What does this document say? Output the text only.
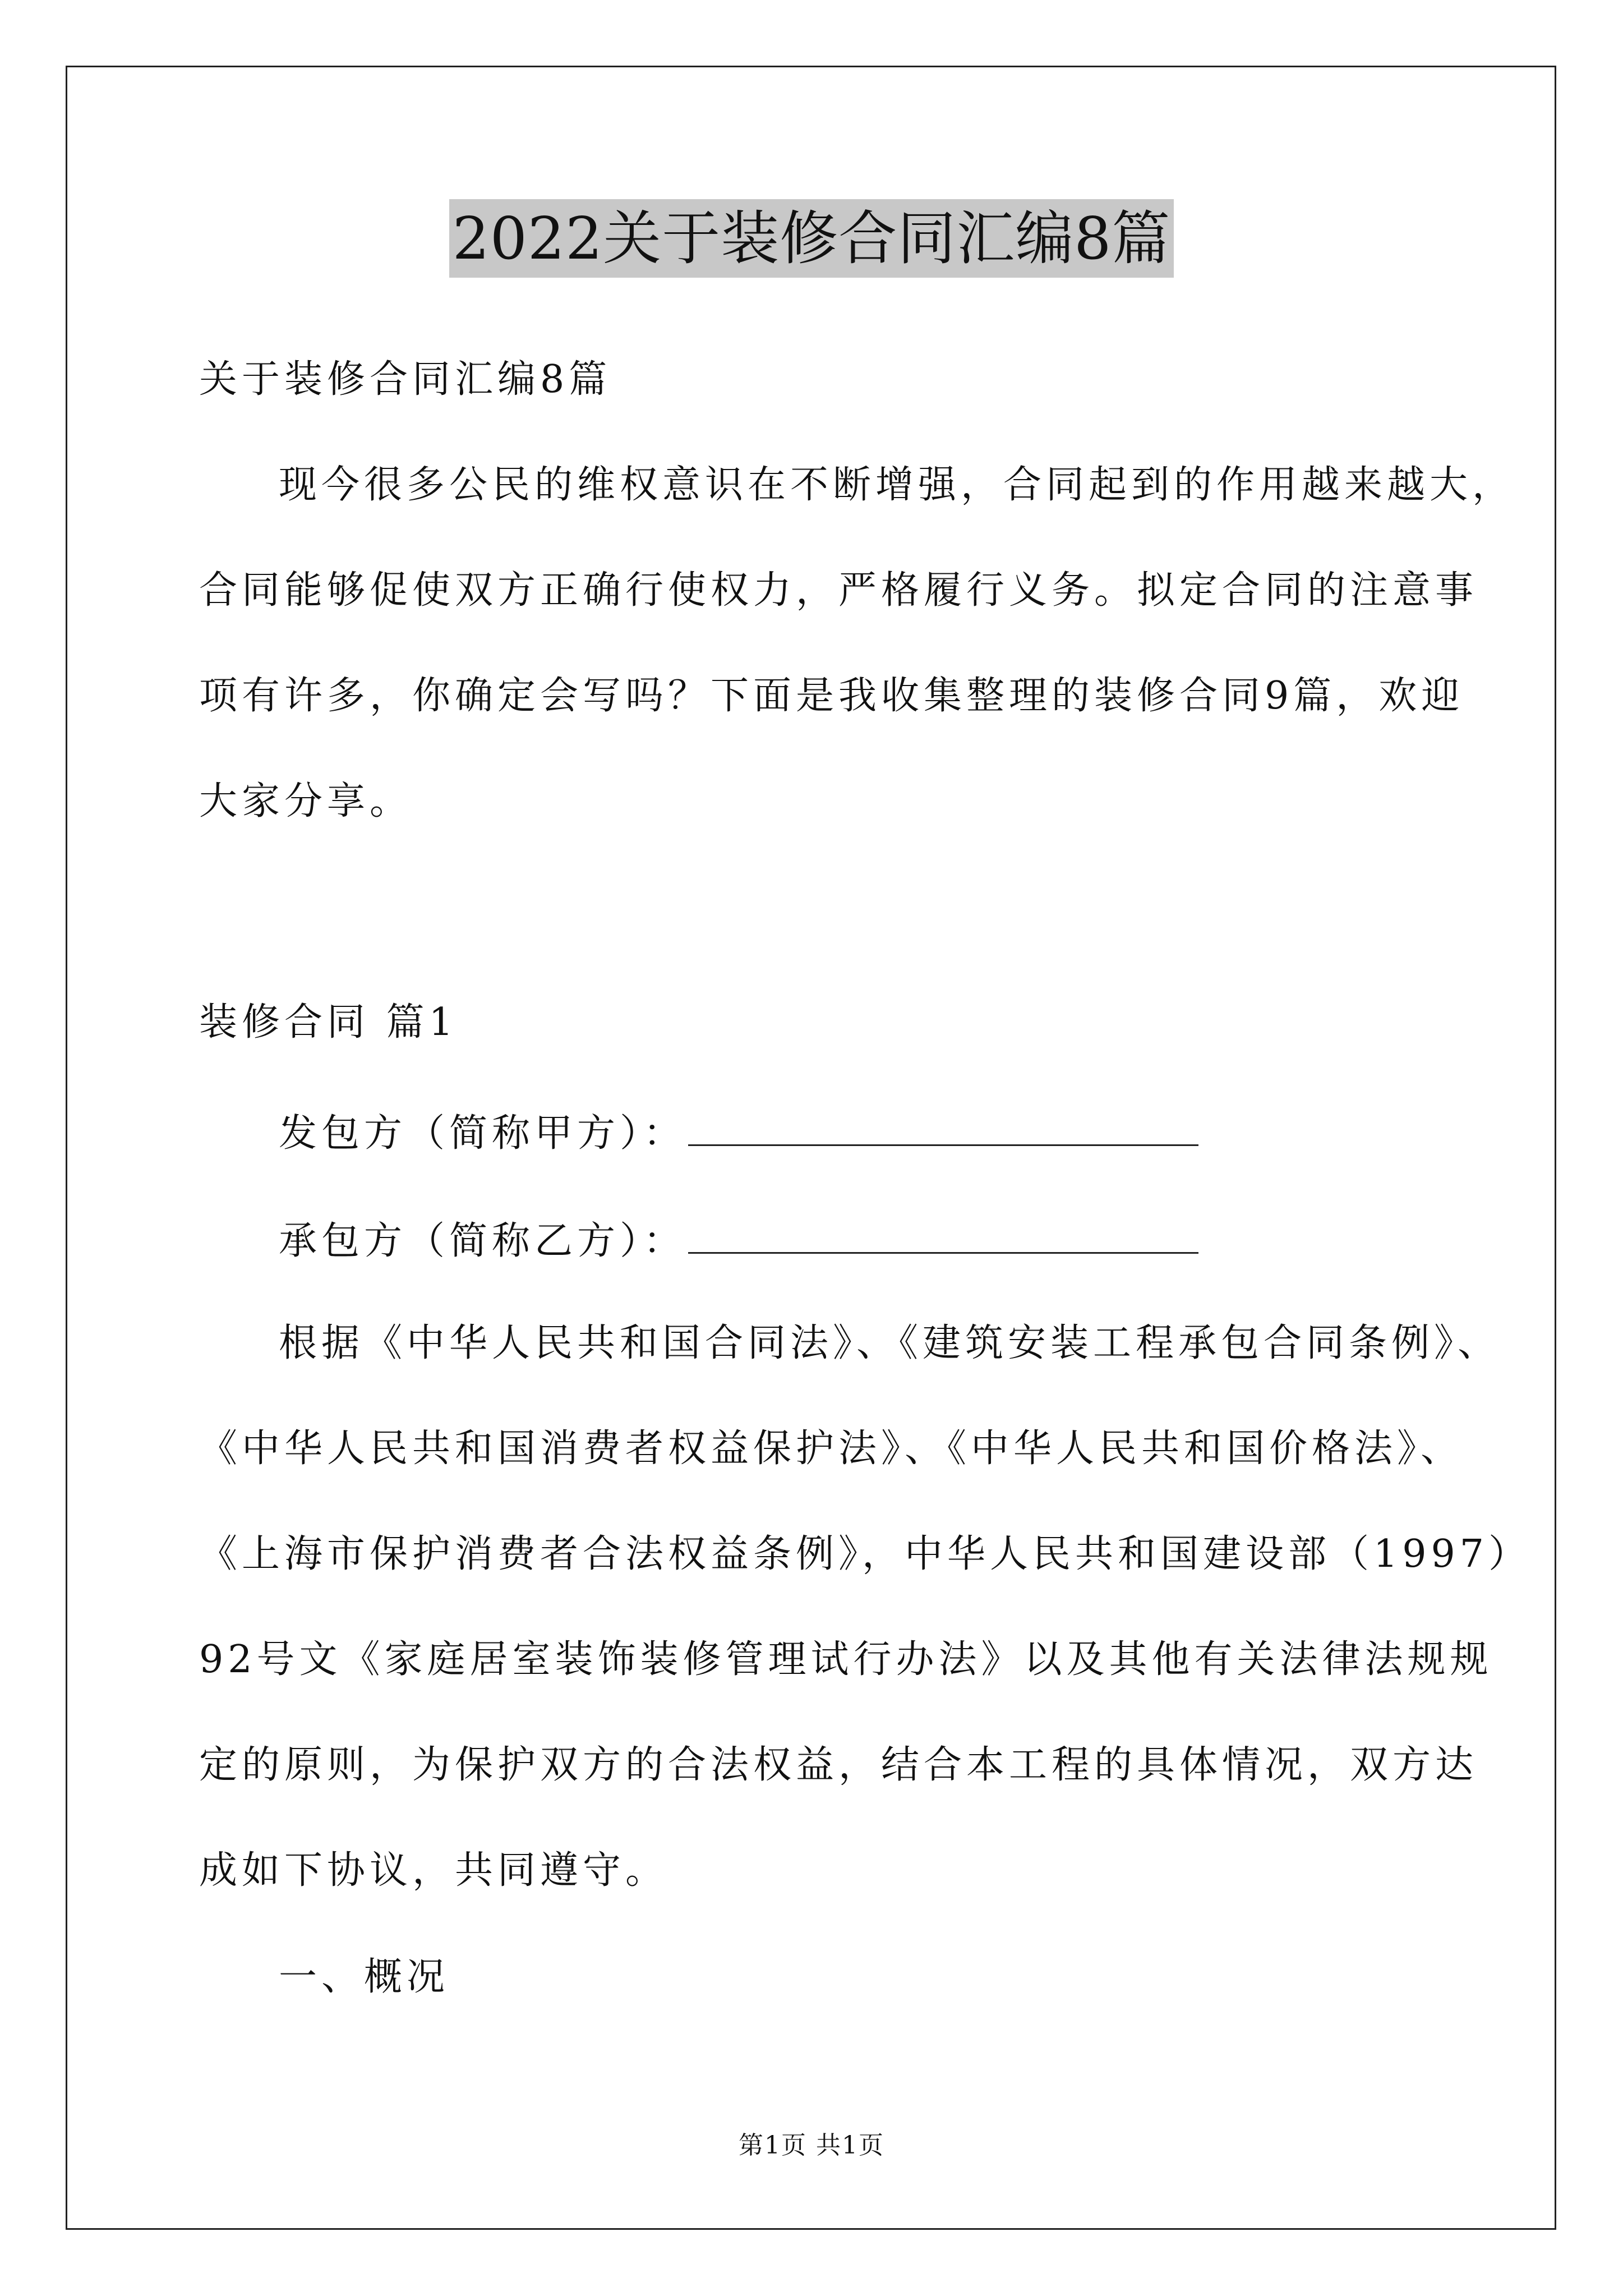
2022关于装修合同汇编8篇
关于装修合同汇编8篇
现今很多公民的维权意识在不断增强，合同起到的作用越来越大，
合同能够促使双方正确行使权力，严格履行义务。拟定合同的注意事
项有许多，你确定会写吗？下面是我收集整理的装修合同9篇，欢迎
大家分享。
装修合同 篇1
发包方（简称甲方）：
承包方（简称乙方）：
根据《中华人民共和国合同法》、《建筑安装工程承包合同条例》、
《中华人民共和国消费者权益保护法》、《中华人民共和国价格法》、
《上海市保护消费者合法权益条例》，中华人民共和国建设部（1997）
92号文《家庭居室装饰装修管理试行办法》以及其他有关法律法规规
定的原则，为保护双方的合法权益，结合本工程的具体情况，双方达
成如下协议，共同遵守。
一、概况
第1页 共1页
